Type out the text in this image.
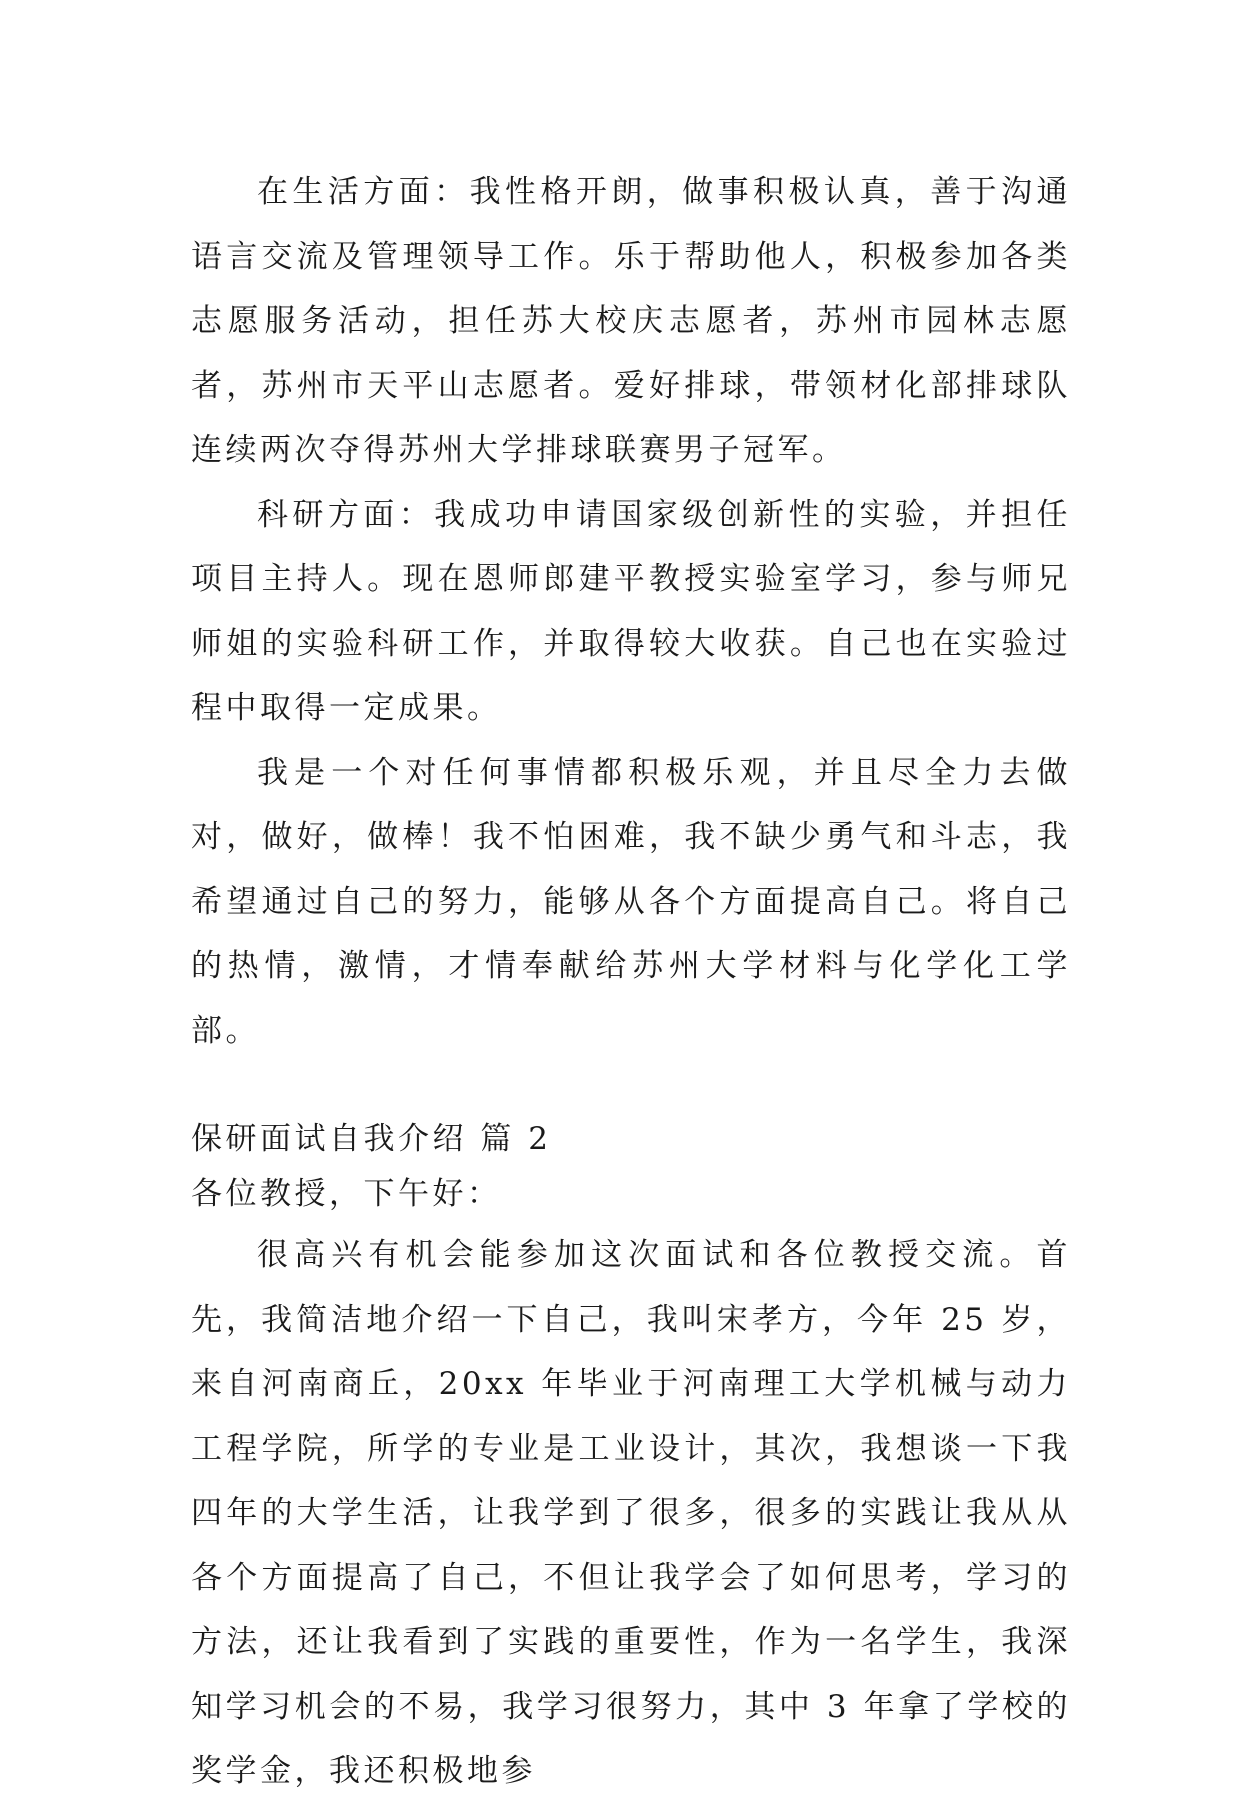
在生活方面：我性格开朗，做事积极认真，善于沟通语言交流及管理领导工作。乐于帮助他人，积极参加各类志愿服务活动，担任苏大校庆志愿者，苏州市园林志愿者，苏州市天平山志愿者。爱好排球，带领材化部排球队连续两次夺得苏州大学排球联赛男子冠军。

科研方面：我成功申请国家级创新性的实验，并担任项目主持人。现在恩师郎建平教授实验室学习，参与师兄师姐的实验科研工作，并取得较大收获。自己也在实验过程中取得一定成果。

我是一个对任何事情都积极乐观，并且尽全力去做对，做好，做棒！我不怕困难，我不缺少勇气和斗志，我希望通过自己的努力，能够从各个方面提高自己。将自己的热情，激情，才情奉献给苏州大学材料与化学化工学部。

保研面试自我介绍 篇 2

各位教授，下午好：

很高兴有机会能参加这次面试和各位教授交流。首先，我简洁地介绍一下自己，我叫宋孝方，今年 25 岁，来自河南商丘，20xx 年毕业于河南理工大学机械与动力工程学院，所学的专业是工业设计，其次，我想谈一下我四年的大学生活，让我学到了很多，很多的实践让我从从各个方面提高了自己，不但让我学会了如何思考，学习的方法，还让我看到了实践的重要性，作为一名学生，我深知学习机会的不易，我学习很努力，其中 3 年拿了学校的奖学金，我还积极地参
